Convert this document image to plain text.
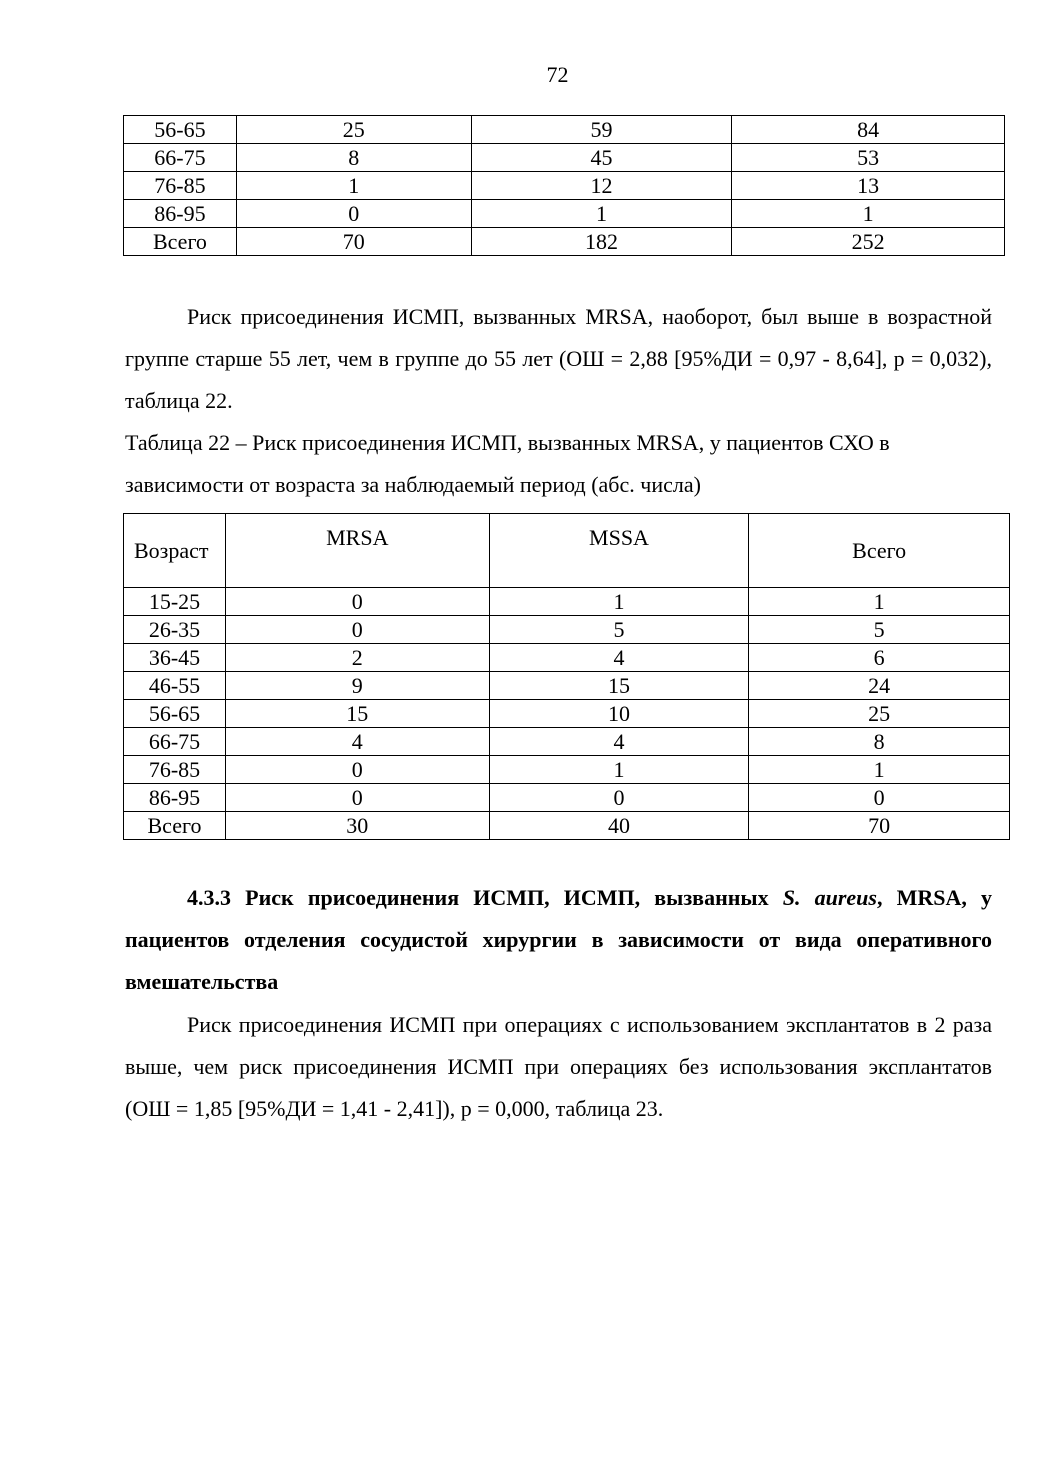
72
56-65	25	59	84
66-75	8	45	53
76-85	1	12	13
86-95	0	1	1
Всего	70	182	252

Риск присоединения ИСМП, вызванных MRSA, наоборот, был выше в возрастной группе старше 55 лет, чем в группе до 55 лет (ОШ = 2,88 [95%ДИ = 0,97 - 8,64], p = 0,032), таблица 22.

Таблица 22 – Риск присоединения ИСМП, вызванных MRSA, у пациентов СХО в зависимости от возраста за наблюдаемый период (абс. числа)

Возраст	MRSA	MSSA	Всего
15-25	0	1	1
26-35	0	5	5
36-45	2	4	6
46-55	9	15	24
56-65	15	10	25
66-75	4	4	8
76-85	0	1	1
86-95	0	0	0
Всего	30	40	70

4.3.3 Риск присоединения ИСМП, ИСМП, вызванных S. aureus, MRSA, у пациентов отделения сосудистой хирургии в зависимости от вида оперативного вмешательства

Риск присоединения ИСМП при операциях с использованием эксплантатов в 2 раза выше, чем риск присоединения ИСМП при операциях без использования эксплантатов (ОШ = 1,85 [95%ДИ = 1,41 - 2,41]), p = 0,000, таблица 23.
